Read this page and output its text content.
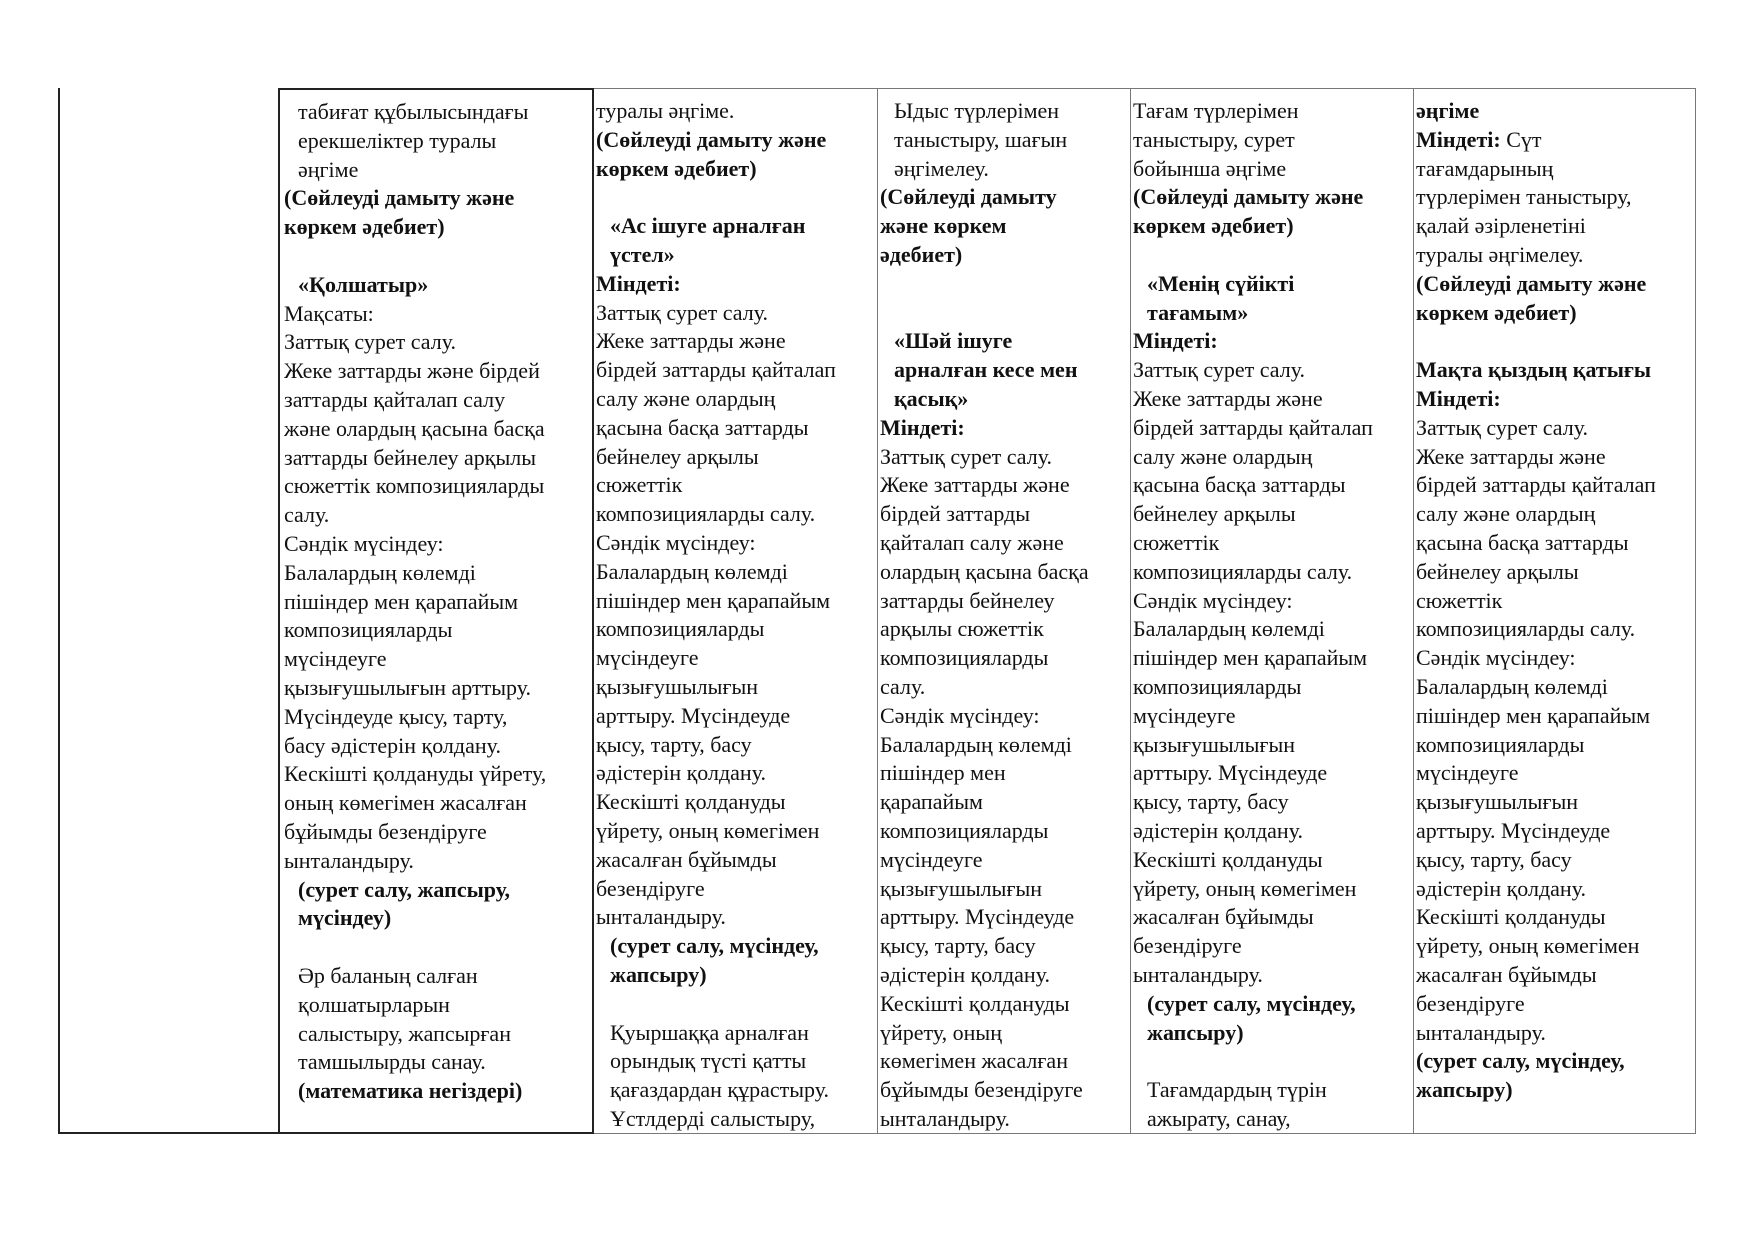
табиғат құбылысындағы
ерекшеліктер туралы
әңгіме
(Сөйлеуді дамыту және
көркем әдебиет)

«Қолшатыр»
Мақсаты:
Заттық сурет салу.
Жеке заттарды және бірдей
заттарды қайталап салу
және олардың қасына басқа
заттарды бейнелеу арқылы
сюжеттік композицияларды
салу.
Сәндік мүсіндеу:
Балалардың көлемді
пішіндер мен қарапайым
композицияларды
мүсіндеуге
қызығушылығын арттыру.
Мүсіндеуде қысу, тарту,
басу әдістерін қолдану.
Кескішті қолдануды үйрету,
оның көмегімен жасалған
бұйымды безендіруге
ынталандыру.
(сурет салу, жапсыру,
мүсіндеу)

Әр баланың салған
қолшатырларын
салыстыру, жапсырған
тамшылырды санау.
(математика негіздері)
туралы әңгіме.
(Сөйлеуді дамыту және
көркем әдебиет)

«Ас ішуге арналған
үстел»
Міндеті:
Заттық сурет салу.
Жеке заттарды және
бірдей заттарды қайталап
салу және олардың
қасына басқа заттарды
бейнелеу арқылы
сюжеттік
композицияларды салу.
Сәндік мүсіндеу:
Балалардың көлемді
пішіндер мен қарапайым
композицияларды
мүсіндеуге
қызығушылығын
арттыру. Мүсіндеуде
қысу, тарту, басу
әдістерін қолдану.
Кескішті қолдануды
үйрету, оның көмегімен
жасалған бұйымды
безендіруге
ынталандыру.
(сурет салу, мүсіндеу,
жапсыру)

Қуыршаққа арналған
орындық түсті қатты
қағаздардан құрастыру.
Ұстлдерді салыстыру,
Ыдыс түрлерімен
таныстыру, шағын
әңгімелеу.
(Сөйлеуді дамыту
және көркем
әдебиет)

«Шәй ішуге
арналған кесе мен
қасық»
Міндеті:
Заттық сурет салу.
Жеке заттарды және
бірдей заттарды
қайталап салу және
олардың қасына басқа
заттарды бейнелеу
арқылы сюжеттік
композицияларды
салу.
Сәндік мүсіндеу:
Балалардың көлемді
пішіндер мен
қарапайым
композицияларды
мүсіндеуге
қызығушылығын
арттыру. Мүсіндеуде
қысу, тарту, басу
әдістерін қолдану.
Кескішті қолдануды
үйрету, оның
көмегімен жасалған
бұйымды безендіруге
ынталандыру.
Тағам түрлерімен
таныстыру, сурет
бойынша әңгіме
(Сөйлеуді дамыту және
көркем әдебиет)

«Менің сүйікті
тағамым»
Міндеті:
Заттық сурет салу.
Жеке заттарды және
бірдей заттарды қайталап
салу және олардың
қасына басқа заттарды
бейнелеу арқылы
сюжеттік
композицияларды салу.
Сәндік мүсіндеу:
Балалардың көлемді
пішіндер мен қарапайым
композицияларды
мүсіндеуге
қызығушылығын
арттыру. Мүсіндеуде
қысу, тарту, басу
әдістерін қолдану.
Кескішті қолдануды
үйрету, оның көмегімен
жасалған бұйымды
безендіруге
ынталандыру.
(сурет салу, мүсіндеу,
жапсыру)

Тағамдардың түрін
ажырату, санау,
әңгіме
Міндеті: Сүт
тағамдарының
түрлерімен таныстыру,
қалай әзірленетіні
туралы әңгімелеу.
(Сөйлеуді дамыту және
көркем әдебиет)

Мақта қыздың қатығы
Міндеті:
Заттық сурет салу.
Жеке заттарды және
бірдей заттарды қайталап
салу және олардың
қасына басқа заттарды
бейнелеу арқылы
сюжеттік
композицияларды салу.
Сәндік мүсіндеу:
Балалардың көлемді
пішіндер мен қарапайым
композицияларды
мүсіндеуге
қызығушылығын
арттыру. Мүсіндеуде
қысу, тарту, басу
әдістерін қолдану.
Кескішті қолдануды
үйрету, оның көмегімен
жасалған бұйымды
безендіруге
ынталандыру.
(сурет салу, мүсіндеу,
жапсыру)
